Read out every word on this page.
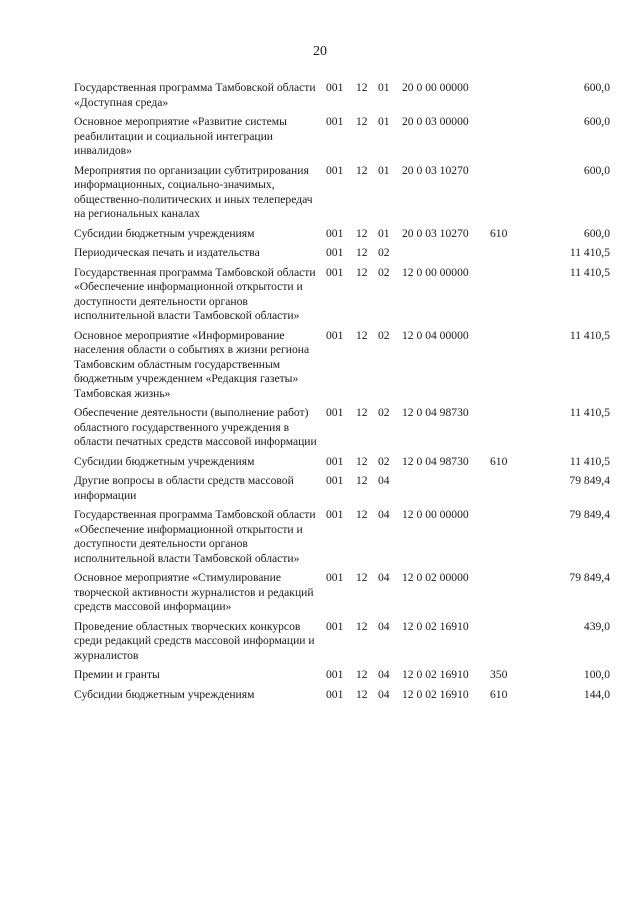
20
Государственная программа Тамбовской области «Доступная среда»	001	12	01	20 0 00 00000		600,0
Основное мероприятие «Развитие системы реабилитации и социальной интеграции инвалидов»	001	12	01	20 0 03 00000		600,0
Мероприятия по организации субтитрирования информационных, социально-значимых, общественно-политических и иных телепередач на региональных каналах	001	12	01	20 0 03 10270		600,0
Субсидии бюджетным учреждениям	001	12	01	20 0 03 10270	610	600,0
Периодическая печать и издательства	001	12	02			11 410,5
Государственная программа Тамбовской области «Обеспечение информационной открытости и доступности деятельности органов исполнительной власти Тамбовской области»	001	12	02	12 0 00 00000		11 410,5
Основное мероприятие «Информирование населения области о событиях в жизни региона Тамбовским областным государственным бюджетным учреждением «Редакция газеты» Тамбовская жизнь»	001	12	02	12 0 04 00000		11 410,5
Обеспечение деятельности (выполнение работ) областного государственного учреждения в области печатных средств массовой информации	001	12	02	12 0 04 98730		11 410,5
Субсидии бюджетным учреждениям	001	12	02	12 0 04 98730	610	11 410,5
Другие вопросы в области средств массовой информации	001	12	04			79 849,4
Государственная программа Тамбовской области «Обеспечение информационной открытости и доступности деятельности органов исполнительной власти Тамбовской области»	001	12	04	12 0 00 00000		79 849,4
Основное мероприятие «Стимулирование творческой активности журналистов и редакций средств массовой информации»	001	12	04	12 0 02 00000		79 849,4
Проведение областных творческих конкурсов среди редакций средств массовой информации и журналистов	001	12	04	12 0 02 16910		439,0
Премии и гранты	001	12	04	12 0 02 16910	350	100,0
Субсидии бюджетным учреждениям	001	12	04	12 0 02 16910	610	144,0
